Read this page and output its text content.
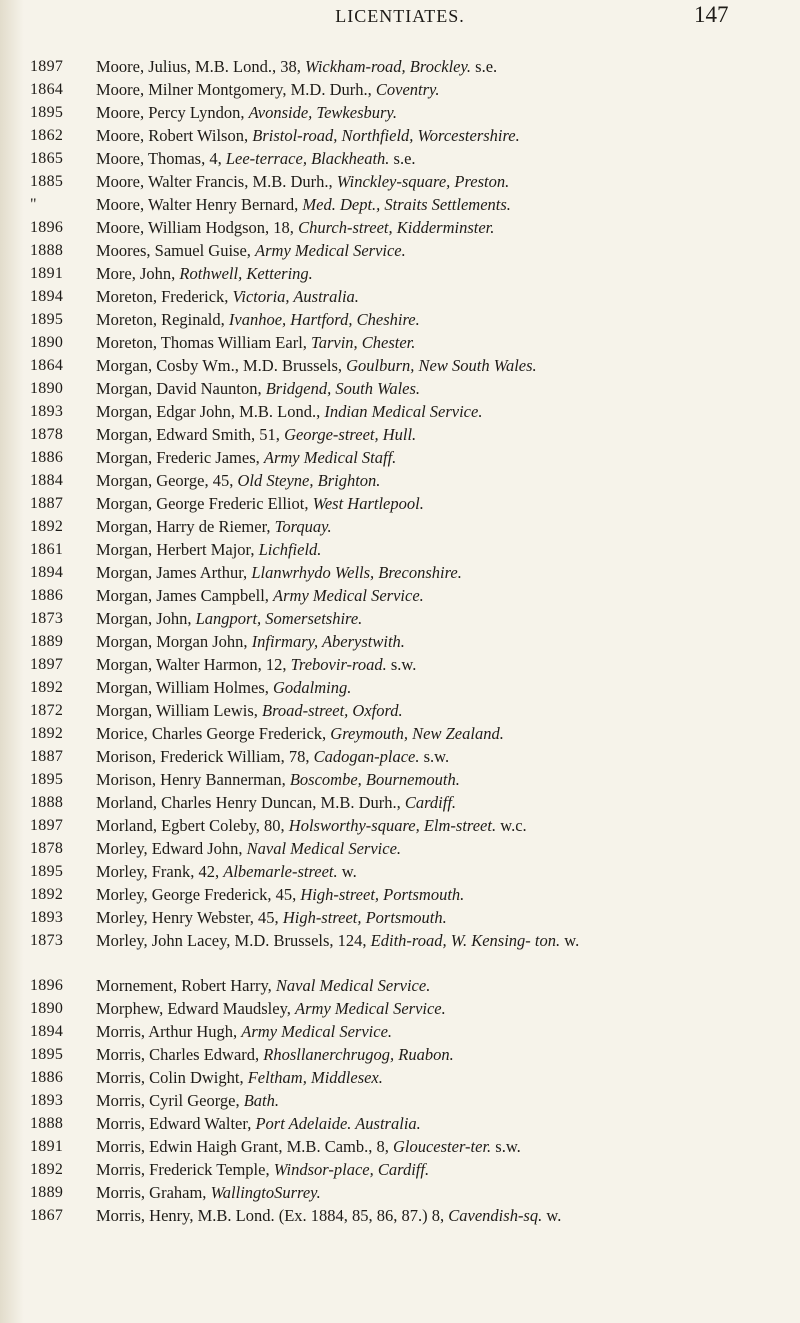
LICENTIATES.	147
1897	Moore, Julius, M.B. Lond., 38, Wickham-road, Brockley. s.e.
1864	Moore, Milner Montgomery, M.D. Durh., Coventry.
1895	Moore, Percy Lyndon, Avonside, Tewkesbury.
1862	Moore, Robert Wilson, Bristol-road, Northfield, Worcestershire.
1865	Moore, Thomas, 4, Lee-terrace, Blackheath. s.e.
1885	Moore, Walter Francis, M.B. Durh., Winckley-square, Preston.
"	Moore, Walter Henry Bernard, Med. Dept., Straits Settlements.
1896	Moore, William Hodgson, 18, Church-street, Kidderminster.
1888	Moores, Samuel Guise, Army Medical Service.
1891	More, John, Rothwell, Kettering.
1894	Moreton, Frederick, Victoria, Australia.
1895	Moreton, Reginald, Ivanhoe, Hartford, Cheshire.
1890	Moreton, Thomas William Earl, Tarvin, Chester.
1864	Morgan, Cosby Wm., M.D. Brussels, Goulburn, New South Wales.
1890	Morgan, David Naunton, Bridgend, South Wales.
1893	Morgan, Edgar John, M.B. Lond., Indian Medical Service.
1878	Morgan, Edward Smith, 51, George-street, Hull.
1886	Morgan, Frederic James, Army Medical Staff.
1884	Morgan, George, 45, Old Steyne, Brighton.
1887	Morgan, George Frederic Elliot, West Hartlepool.
1892	Morgan, Harry de Riemer, Torquay.
1861	Morgan, Herbert Major, Lichfield.
1894	Morgan, James Arthur, Llanwrhydo Wells, Breconshire.
1886	Morgan, James Campbell, Army Medical Service.
1873	Morgan, John, Langport, Somersetshire.
1889	Morgan, Morgan John, Infirmary, Aberystwith.
1897	Morgan, Walter Harmon, 12, Trebovir-road. s.w.
1892	Morgan, William Holmes, Godalming.
1872	Morgan, William Lewis, Broad-street, Oxford.
1892	Morice, Charles George Frederick, Greymouth, New Zealand.
1887	Morison, Frederick William, 78, Cadogan-place. s.w.
1895	Morison, Henry Bannerman, Boscombe, Bournemouth.
1888	Morland, Charles Henry Duncan, M.B. Durh., Cardiff.
1897	Morland, Egbert Coleby, 80, Holsworthy-square, Elm-street. w.c.
1878	Morley, Edward John, Naval Medical Service.
1895	Morley, Frank, 42, Albemarle-street. w.
1892	Morley, George Frederick, 45, High-street, Portsmouth.
1893	Morley, Henry Webster, 45, High-street, Portsmouth.
1873	Morley, John Lacey, M.D. Brussels, 124, Edith-road, W. Kensing- ton. w.
1896	Mornement, Robert Harry, Naval Medical Service.
1890	Morphew, Edward Maudsley, Army Medical Service.
1894	Morris, Arthur Hugh, Army Medical Service.
1895	Morris, Charles Edward, Rhosllanerchrugog, Ruabon.
1886	Morris, Colin Dwight, Feltham, Middlesex.
1893	Morris, Cyril George, Bath.
1888	Morris, Edward Walter, Port Adelaide. Australia.
1891	Morris, Edwin Haigh Grant, M.B. Camb., 8, Gloucester-ter. s.w.
1892	Morris, Frederick Temple, Windsor-place, Cardiff.
1889	Morris, Graham, WallingtoSurrey.
1867	Morris, Henry, M.B. Lond. (Ex. 1884, 85, 86, 87.) 8, Cavendish-sq. w.
